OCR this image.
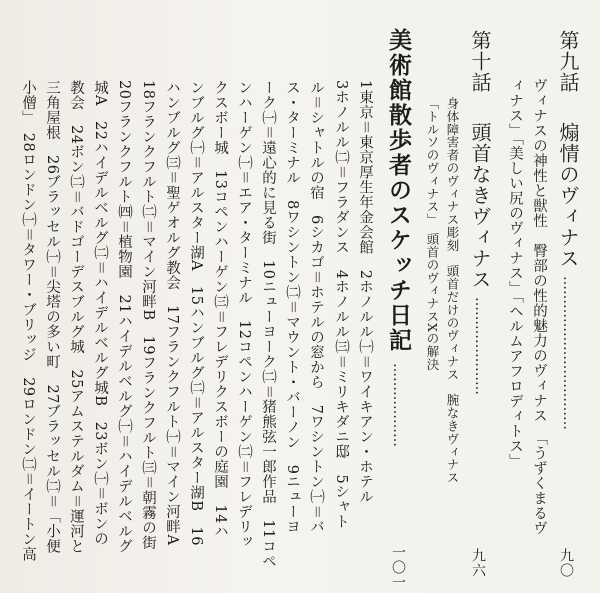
第九話  煽情のヴィナス ……………………………
九〇
ヴィナスの神性と獣性　臀部の性的魅力のヴィナス　「うずくまるヴ
ィナス」「美しい尻のヴィナス」「ヘルムアフロディトス」
第十話  頭首なきヴィナス …………………
九六
身体障害者のヴィナス彫刻　頭首だけのヴィナス　腕なきヴィナス
「トルソのヴィナス」　頭首のヴィナスXの解決
美術館散歩者のスケッチ日記 ………………
一〇一
1東京＝東京厚生年金会館　2ホノルル㈠＝ワイキアン・ホテル
3ホノルル㈡＝フラダンス　4ホノルル㈢＝ミリキダニ邸　5シャト
ル＝シャトルの宿　6シカゴ＝ホテルの窓から　7ワシントン㈠＝バ
ス・ターミナル　8ワシントン㈡＝マウント・バーノン　9ニューヨ
ーク㈠＝遠心的に見る街　10ニューヨーク㈡＝猪熊弦一郎作品　11コペ
ンハーゲン㈠＝エア・ターミナル　12コペンハーゲン㈡＝フレデリッ
クスボー城　13コペンハーゲン㈢＝フレデリクスボーの庭園　14ハ
ンブルグ㈠＝アルスター湖A　15ハンブルグ㈡＝アルスター湖B　16
ハンブルグ㈢＝聖ゲオルグ教会　17フランクフルト㈠＝マイン河畔A
18フランクフルト㈡＝マイン河畔B　19フランクフルト㈢＝朝霧の街
20フランクフルト㈣＝植物園　21ハイデルベルグ㈠＝ハイデルベルグ
城A　22ハイデルベルグ㈡＝ハイデルベルグ城B　23ボン㈠＝ボンの
教会　24ボン㈡＝バドゴーデスブルグ城　25アムステルダム＝運河と
三角屋根　26ブラッセル㈠＝尖塔の多い町　27ブラッセル㈡＝「小便
小僧」　28ロンドン㈠＝タワー・ブリッジ　29ロンドン㈡＝イートン高
